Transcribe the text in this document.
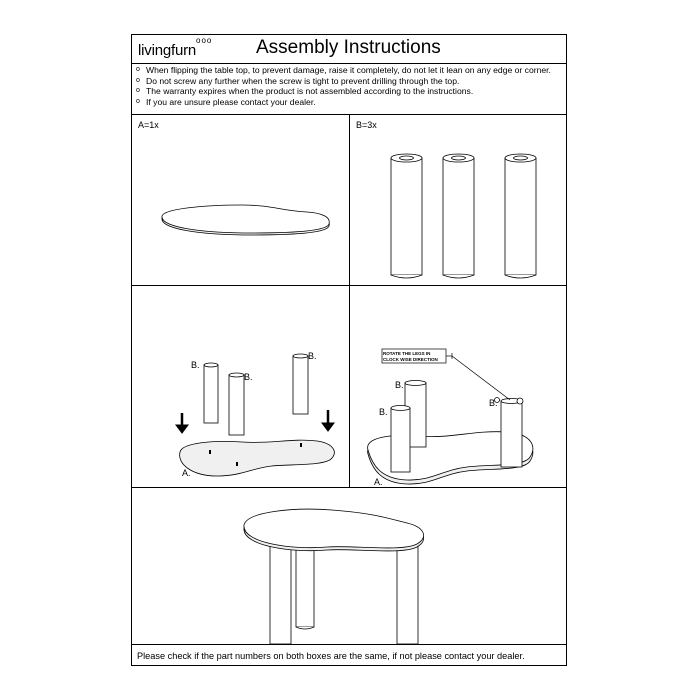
livingfurn
ooo Assembly Instructions
o When flipping the table top, to prevent damage, raise it completely, do not let it lean on any edge or corner.
o Do not screw any further when the screw is tight to prevent drilling through the top.
o The warranty expires when the product is not assembled according to the instructions.
o If you are unsure please contact your dealer.
A=1x	B=3x
ROTATE THE LEGS IN
CLOCK WISE DIRECTION
B.
B.
B.
A.
B.
B.
B.
A.
Please check if the part numbers on both boxes are the same, if not please contact your dealer.
